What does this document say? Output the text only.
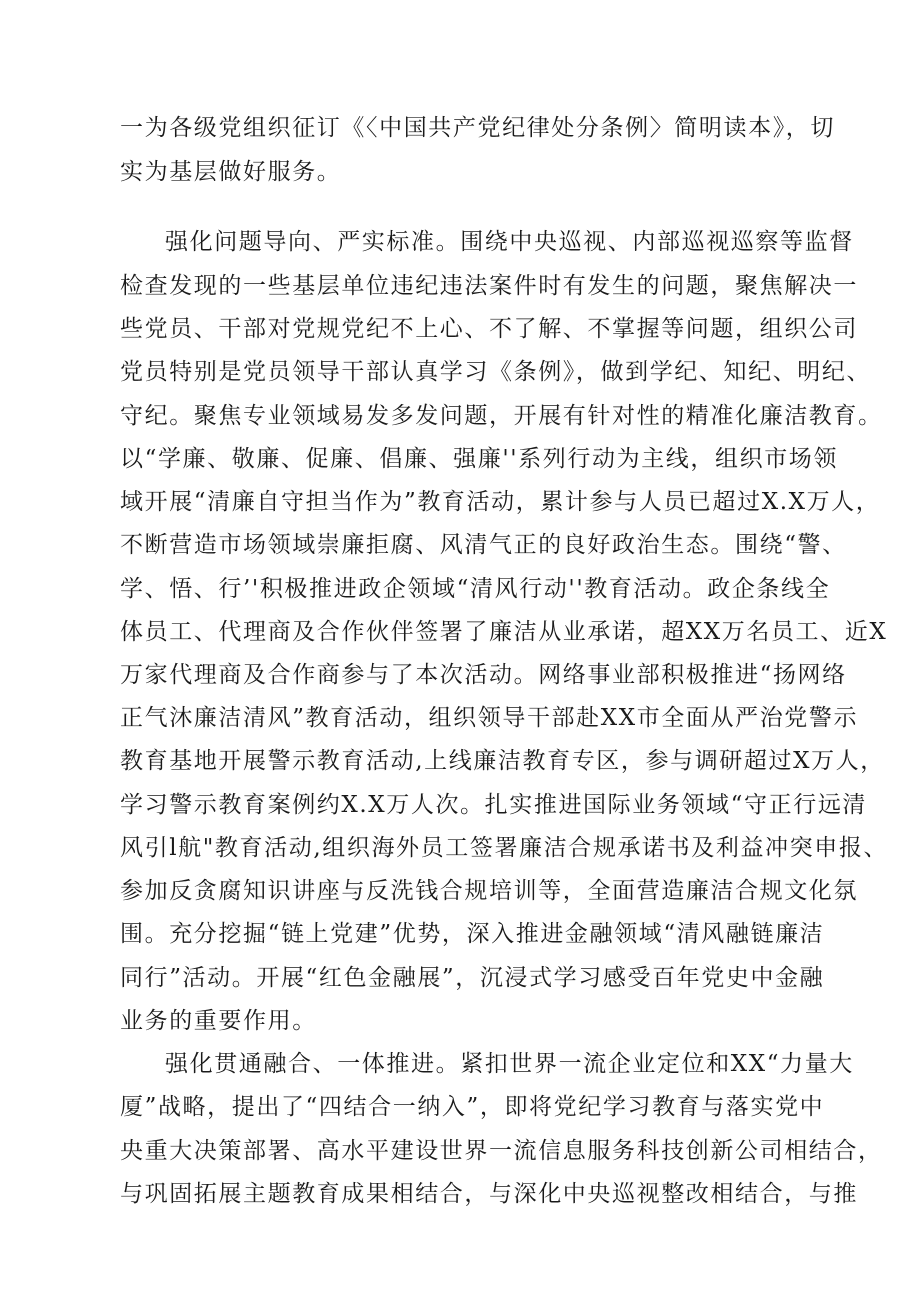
一为各级党组织征订《〈中国共产党纪律处分条例〉简明读本》，切
实为基层做好服务。
强化问题导向、严实标准。围绕中央巡视、内部巡视巡察等监督
检查发现的一些基层单位违纪违法案件时有发生的问题，聚焦解决一
些党员、干部对党规党纪不上心、不了解、不掌握等问题，组织公司
党员特别是党员领导干部认真学习《条例》，做到学纪、知纪、明纪、
守纪。聚焦专业领域易发多发问题，开展有针对性的精准化廉洁教育。
以“学廉、敬廉、促廉、倡廉、强廉''系列行动为主线，组织市场领
域开展“清廉自守担当作为”教育活动，累计参与人员已超过X.X万人，
不断营造市场领域崇廉拒腐、风清气正的良好政治生态。围绕“警、
学、悟、行’'积极推进政企领域“清风行动''教育活动。政企条线全
体员工、代理商及合作伙伴签署了廉洁从业承诺，超XX万名员工、近X
万家代理商及合作商参与了本次活动。网络事业部积极推进“扬网络
正气沐廉洁清风”教育活动，组织领导干部赴XX市全面从严治党警示
教育基地开展警示教育活动,上线廉洁教育专区，参与调研超过X万人，
学习警示教育案例约X.X万人次。扎实推进国际业务领域“守正行远清
风引l航"教育活动,组织海外员工签署廉洁合规承诺书及利益冲突申报、
参加反贪腐知识讲座与反洗钱合规培训等，全面营造廉洁合规文化氛
围。充分挖掘“链上党建”优势，深入推进金融领域“清风融链廉洁
同行”活动。开展“红色金融展”，沉浸式学习感受百年党史中金融
业务的重要作用。
强化贯通融合、一体推进。紧扣世界一流企业定位和XX“力量大
厦”战略，提出了“四结合一纳入”，即将党纪学习教育与落实党中
央重大决策部署、高水平建设世界一流信息服务科技创新公司相结合，
与巩固拓展主题教育成果相结合，与深化中央巡视整改相结合，与推
